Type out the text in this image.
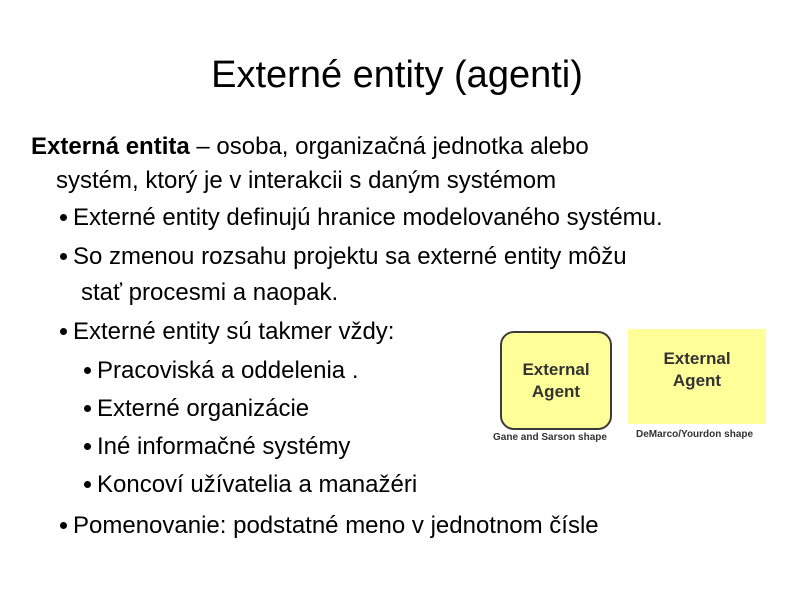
Externé entity (agenti)
Externá entita – osoba, organizačná jednotka alebo
systém, ktorý je v interakcii s daným systémom
Externé entity definujú hranice modelovaného systému.
So zmenou rozsahu projektu sa externé entity môžu
stať procesmi a naopak.
Externé entity sú takmer vždy:
Pracoviská a oddelenia .
Externé organizácie
Iné informačné systémy
Koncoví užívatelia a manažéri
Pomenovanie: podstatné meno v jednotnom čísle
External
Agent
Gane and Sarson shape
External
Agent
DeMarco/Yourdon shape
